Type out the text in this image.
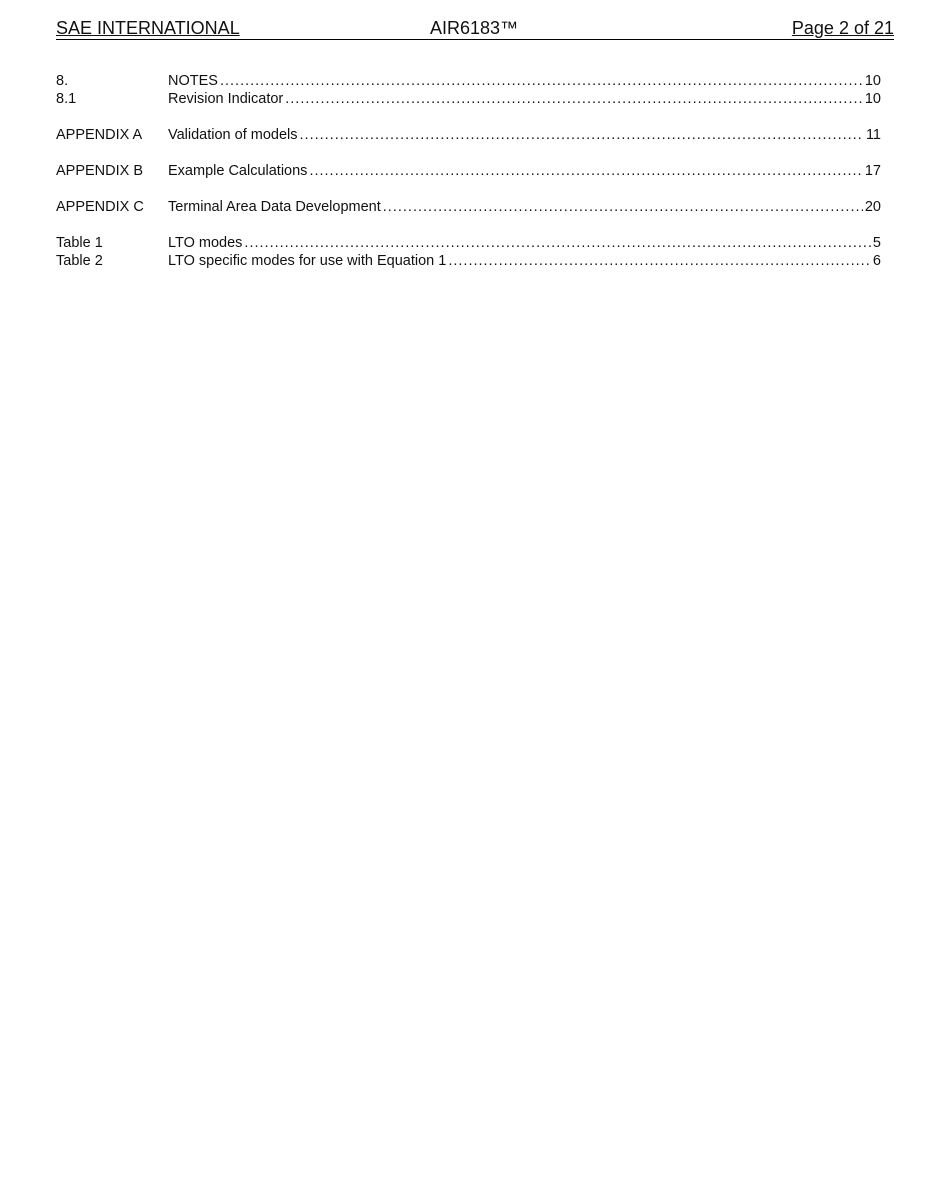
SAE INTERNATIONAL	AIR6183™	Page 2 of 21
8.	NOTES .....	10
8.1	Revision Indicator .....	10
APPENDIX A	Validation of models .....	11
APPENDIX B	Example Calculations .....	17
APPENDIX C	Terminal Area Data Development .....	20
Table 1	LTO modes .....	5
Table 2	LTO specific modes for use with Equation 1 .....	6
